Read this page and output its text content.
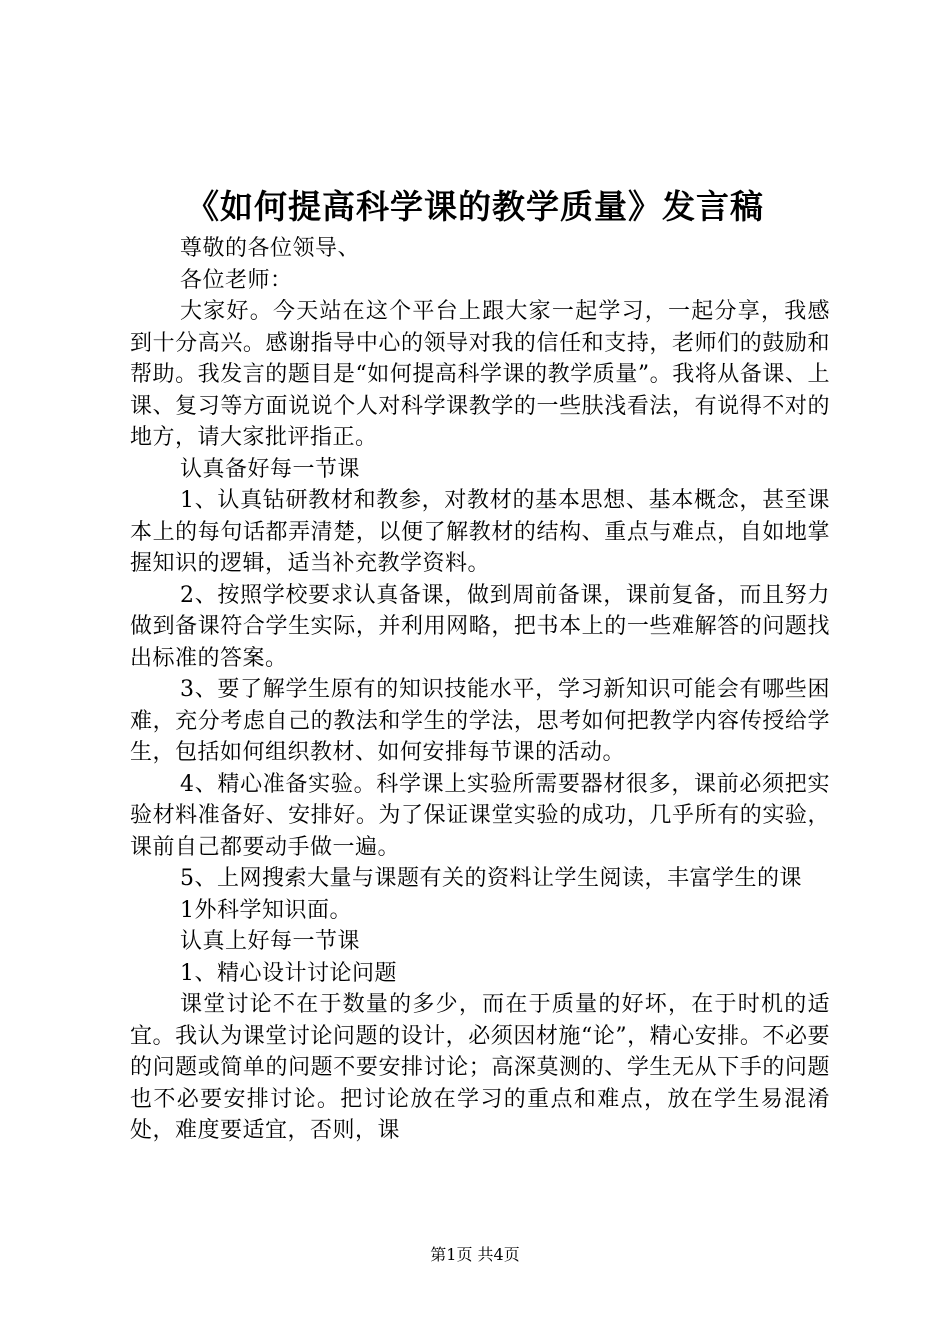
《如何提高科学课的教学质量》发言稿

尊敬的各位领导、

各位老师：

大家好。今天站在这个平台上跟大家一起学习，一起分享，我感到十分高兴。感谢指导中心的领导对我的信任和支持，老师们的鼓励和帮助。我发言的题目是“如何提高科学课的教学质量”。我将从备课、上课、复习等方面说说个人对科学课教学的一些肤浅看法，有说得不对的地方，请大家批评指正。

认真备好每一节课

1、认真钻研教材和教参，对教材的基本思想、基本概念，甚至课本上的每句话都弄清楚，以便了解教材的结构、重点与难点，自如地掌握知识的逻辑，适当补充教学资料。

2、按照学校要求认真备课，做到周前备课，课前复备，而且努力做到备课符合学生实际，并利用网略，把书本上的一些难解答的问题找出标准的答案。

3、要了解学生原有的知识技能水平，学习新知识可能会有哪些困难，充分考虑自己的教法和学生的学法，思考如何把教学内容传授给学生，包括如何组织教材、如何安排每节课的活动。

4、精心准备实验。科学课上实验所需要器材很多，课前必须把实验材料准备好、安排好。为了保证课堂实验的成功，几乎所有的实验，课前自己都要动手做一遍。

5、上网搜索大量与课题有关的资料让学生阅读，丰富学生的课

1外科学知识面。

认真上好每一节课

1、精心设计讨论问题

课堂讨论不在于数量的多少，而在于质量的好坏，在于时机的适宜。我认为课堂讨论问题的设计，必须因材施“论”，精心安排。不必要的问题或简单的问题不要安排讨论；高深莫测的、学生无从下手的问题也不必要安排讨论。把讨论放在学习的重点和难点，放在学生易混淆处，难度要适宜，否则，课

第1页 共4页
